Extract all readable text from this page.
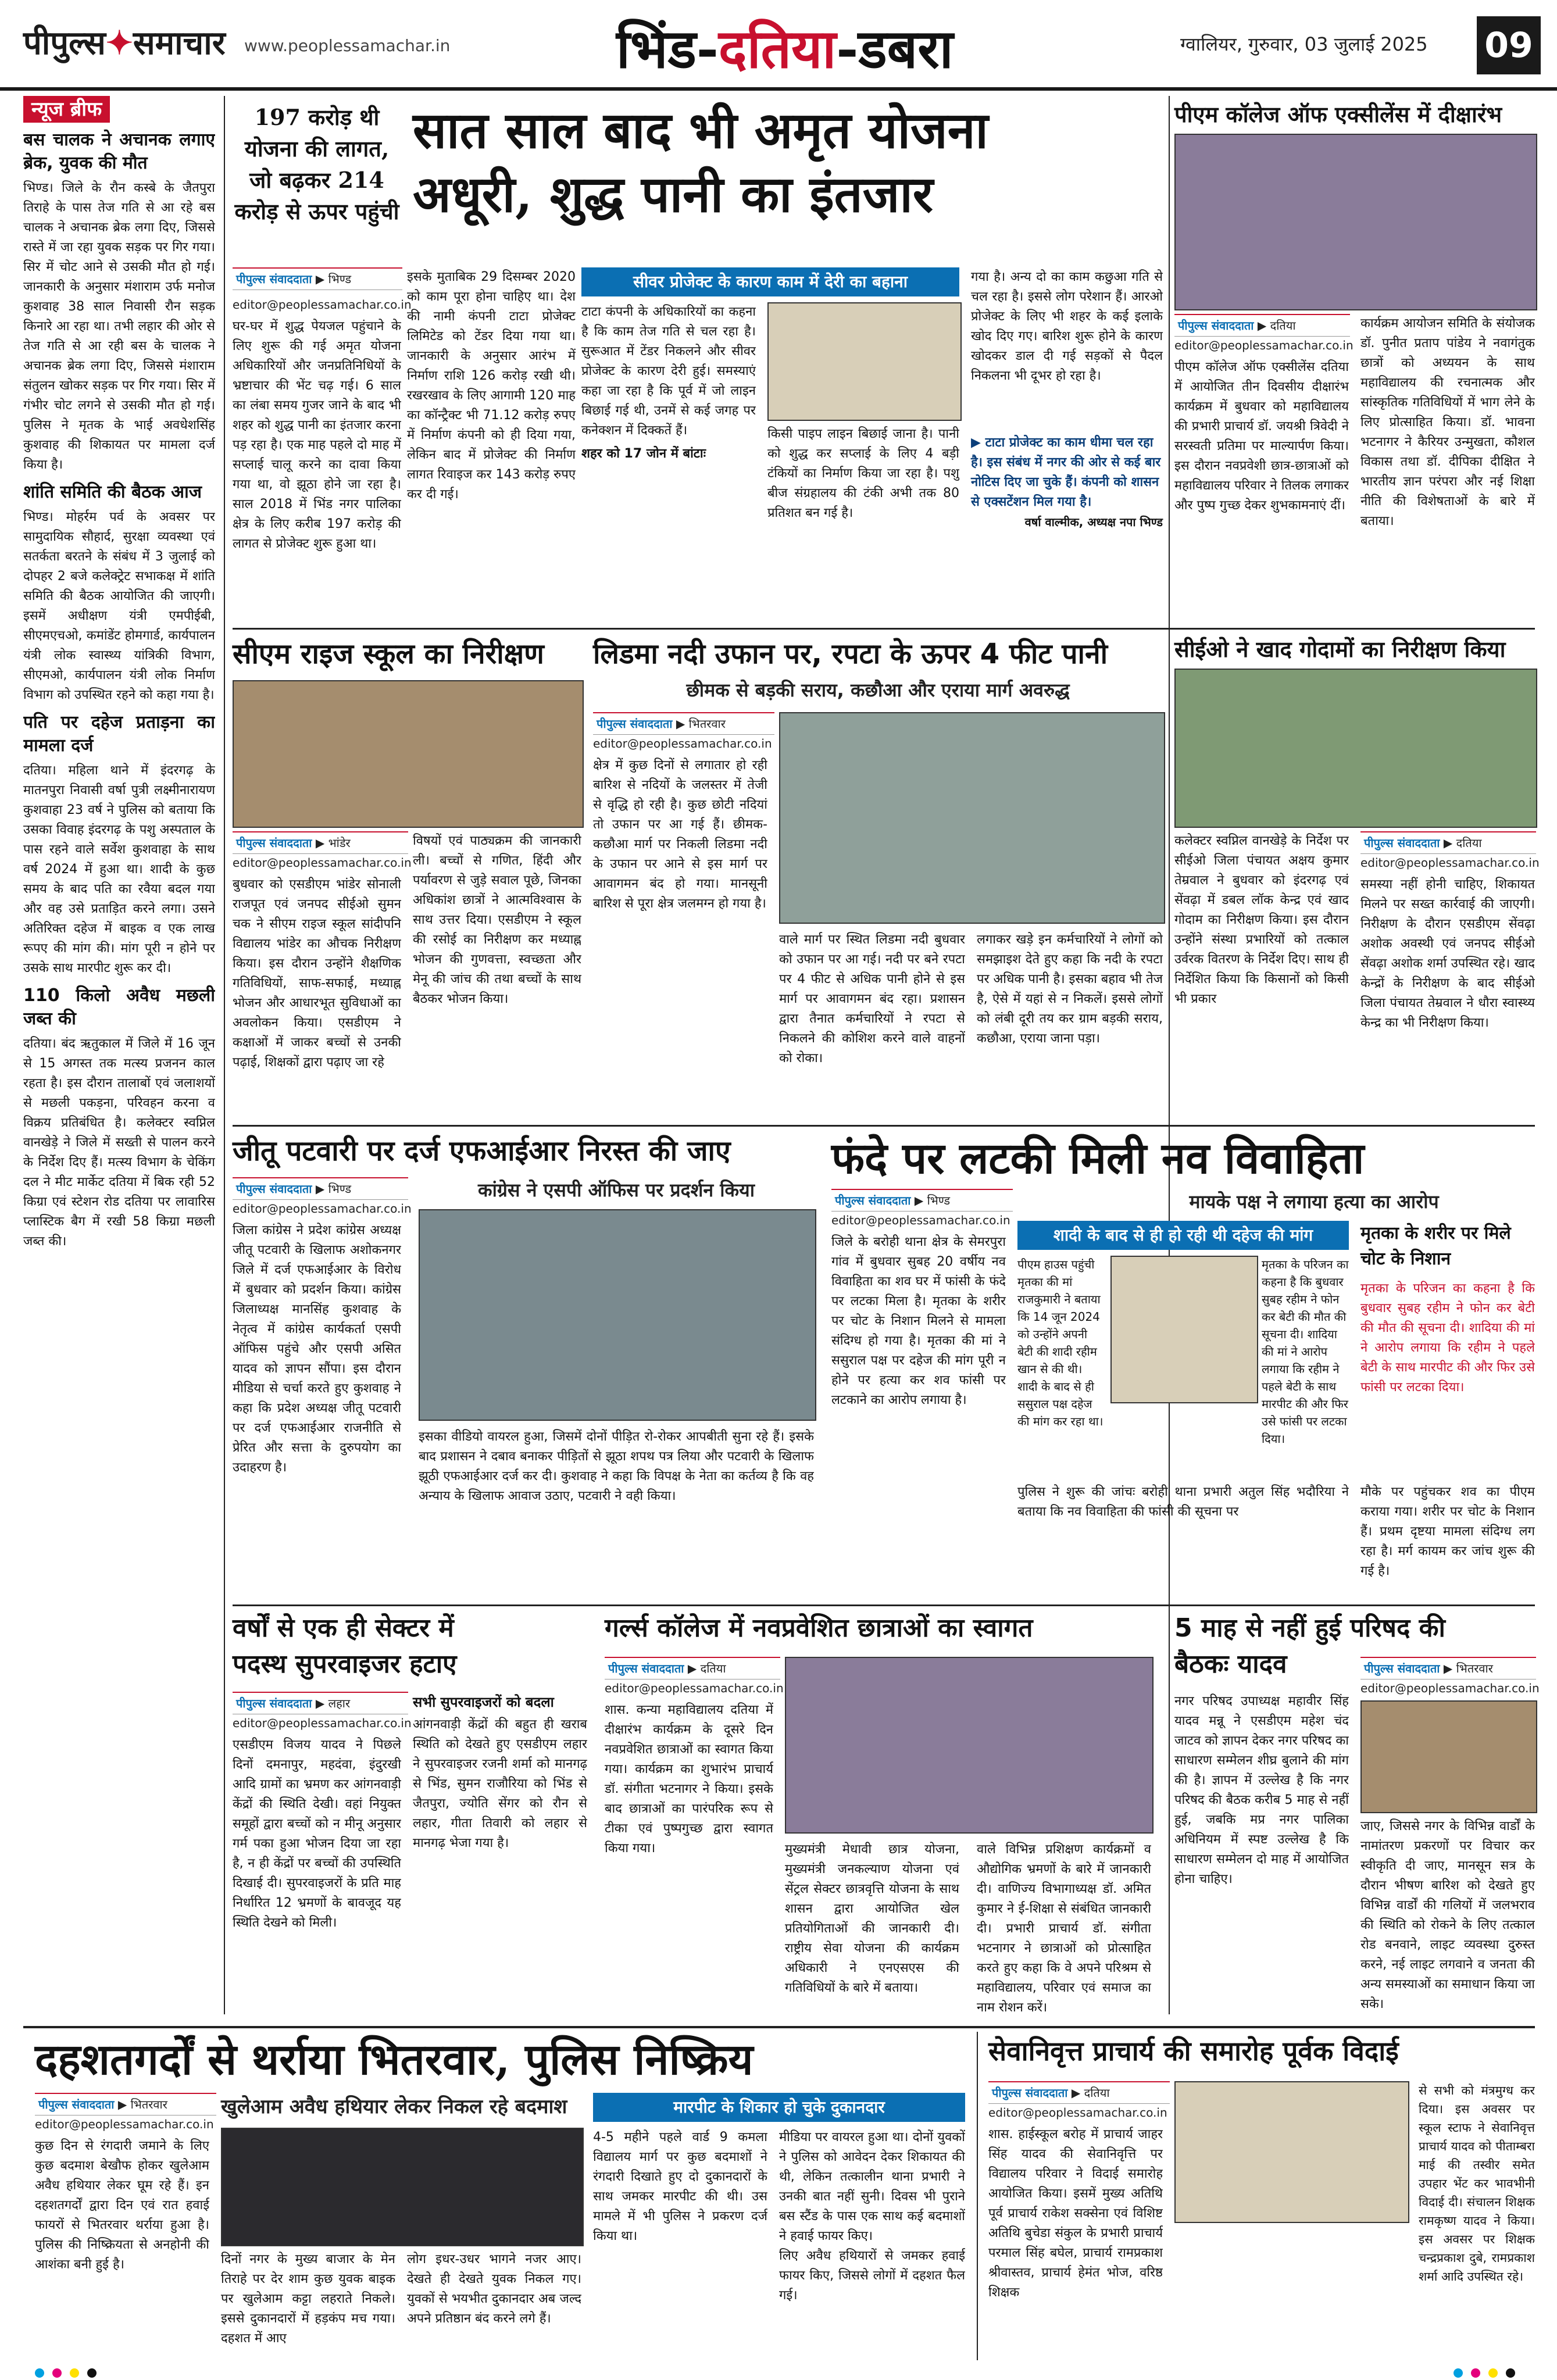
पीपुल्स✦समाचार www.peoplessamachar.in	भिंड-दतिया-डबरा	ग्वालियर, गुरुवार, 03 जुलाई 2025 09
न्यूज ब्रीफ
बस चालक ने अचानक लगाए ब्रेक, युवक की मौत
भिण्ड। जिले के रौन कस्बे के जैतपुरा तिराहे के पास तेज गति से आ रहे बस चालक ने अचानक ब्रेक लगा दिए, जिससे रास्ते में जा रहा युवक सड़क पर गिर गया। सिर में चोट आने से उसकी मौत हो गई। जानकारी के अनुसार मंशाराम उर्फ मनोज कुशवाह 38 साल निवासी रौन सड़क किनारे आ रहा था। तभी लहार की ओर से तेज गति से आ रही बस के चालक ने अचानक ब्रेक लगा दिए, जिससे मंशाराम संतुलन खोकर सड़क पर गिर गया। सिर में गंभीर चोट लगने से उसकी मौत हो गई। पुलिस ने मृतक के भाई अवधेशसिंह कुशवाह की शिकायत पर मामला दर्ज किया है।
शांति समिति की बैठक आज
भिण्ड। मोहर्रम पर्व के अवसर पर सामुदायिक सौहार्द, सुरक्षा व्यवस्था एवं सतर्कता बरतने के संबंध में 3 जुलाई को दोपहर 2 बजे कलेक्ट्रेट सभाकक्ष में शांति समिति की बैठक आयोजित की जाएगी। इसमें अधीक्षण यंत्री एमपीईबी, सीएमएचओ, कमांडेंट होमगार्ड, कार्यपालन यंत्री लोक स्वास्थ्य यांत्रिकी विभाग, सीएमओ, कार्यपालन यंत्री लोक निर्माण विभाग को उपस्थित रहने को कहा गया है।
पति पर दहेज प्रताड़ना का मामला दर्ज
दतिया। महिला थाने में इंदरगढ़ के मातनपुरा निवासी वर्षा पुत्री लक्ष्मीनारायण कुशवाहा 23 वर्ष ने पुलिस को बताया कि उसका विवाह इंदरगढ़ के पशु अस्पताल के पास रहने वाले सर्वेश कुशवाहा के साथ वर्ष 2024 में हुआ था। शादी के कुछ समय के बाद पति का रवैया बदल गया और वह उसे प्रताड़ित करने लगा। उसने अतिरिक्त दहेज में बाइक व एक लाख रूपए की मांग की। मांग पूरी न होने पर उसके साथ मारपीट शुरू कर दी।
110 किलो अवैध मछली जब्त की
दतिया। बंद ऋतुकाल में जिले में 16 जून से 15 अगस्त तक मत्स्य प्रजनन काल रहता है। इस दौरान तालाबों एवं जलाशयों से मछली पकड़ना, परिवहन करना व विक्रय प्रतिबंधित है। कलेक्टर स्वप्निल वानखेड़े ने जिले में सख्ती से पालन करने के निर्देश दिए हैं। मत्स्य विभाग के चेकिंग दल ने मीट मार्केट दतिया में बिक रही 52 किग्रा एवं स्टेशन रोड दतिया पर लावारिस प्लास्टिक बैग में रखी 58 किग्रा मछली जब्त की।
197 करोड़ थी योजना की लागत, जो बढ़कर 214 करोड़ से ऊपर पहुंची
सात साल बाद भी अमृत योजना
अधूरी, शुद्ध पानी का इंतजार
पीपुल्स संवाददाता ▶ भिण्ड
editor@peoplessamachar.co.in
घर-घर में शुद्ध पेयजल पहुंचाने के लिए शुरू की गई अमृत योजना अधिकारियों और जनप्रतिनिधियों के भ्रष्टाचार की भेंट चढ़ गई। 6 साल का लंबा समय गुजर जाने के बाद भी शहर को शुद्ध पानी का इंतजार करना पड़ रहा है। एक माह पहले दो माह में सप्लाई चालू करने का दावा किया गया था, वो झूठा होने जा रहा है। साल 2018 में भिंड नगर पालिका क्षेत्र के लिए करीब 197 करोड़ की लागत से प्रोजेक्ट शुरू हुआ था।
इसके मुताबिक 29 दिसम्बर 2020 को काम पूरा होना चाहिए था। देश की नामी कंपनी टाटा प्रोजेक्ट लिमिटेड को टेंडर दिया गया था। जानकारी के अनुसार आरंभ में निर्माण राशि 126 करोड़ रखी थी। रखरखाव के लिए आगामी 120 माह का कॉन्ट्रैक्ट भी 71.12 करोड़ रुपए में निर्माण कंपनी को ही दिया गया, लेकिन बाद में प्रोजेक्ट की निर्माण लागत रिवाइज कर 143 करोड़ रुपए कर दी गई।
सीवर प्रोजेक्ट के कारण काम में देरी का बहाना
टाटा कंपनी के अधिकारियों का कहना है कि काम तेज गति से चल रहा है। सुरूआत में टेंडर निकलने और सीवर प्रोजेक्ट के कारण देरी हुई। समस्याएं कहा जा रहा है कि पूर्व में जो लाइन बिछाई गई थी, उनमें से कई जगह पर कनेक्शन में दिक्कतें हैं।
शहर को 17 जोन में बांटाः
किसी पाइप लाइन बिछाई जाना है। पानी को शुद्ध कर सप्लाई के लिए 4 बड़ी टंकियों का निर्माण किया जा रहा है। पशु बीज संग्रहालय की टंकी अभी तक 80 प्रतिशत बन गई है।
गया है। अन्य दो का काम कछुआ गति से चल रहा है। इससे लोग परेशान हैं। आरओ प्रोजेक्ट के लिए भी शहर के कई इलाके खोद दिए गए। बारिश शुरू होने के कारण खोदकर डाल दी गई सड़कों से पैदल निकलना भी दूभर हो रहा है।
▶ टाटा प्रोजेक्ट का काम धीमा चल रहा है। इस संबंध में नगर की ओर से कई बार नोटिस दिए जा चुके हैं। कंपनी को शासन से एक्सटेंशन मिल गया है।
वर्षा वाल्मीक, अध्यक्ष नपा भिण्ड
पीएम कॉलेज ऑफ एक्सीलेंस में दीक्षारंभ
पीपुल्स संवाददाता ▶ दतिया
editor@peoplessamachar.co.in
पीएम कॉलेज ऑफ एक्सीलेंस दतिया में आयोजित तीन दिवसीय दीक्षारंभ कार्यक्रम में बुधवार को महाविद्यालय की प्रभारी प्राचार्य डॉ. जयश्री त्रिवेदी ने सरस्वती प्रतिमा पर माल्यार्पण किया। इस दौरान नवप्रवेशी छात्र-छात्राओं को महाविद्यालय परिवार ने तिलक लगाकर और पुष्प गुच्छ देकर शुभकामनाएं दीं।
कार्यक्रम आयोजन समिति के संयोजक डॉ. पुनीत प्रताप पांडेय ने नवागंतुक छात्रों को अध्ययन के साथ महाविद्यालय की रचनात्मक और सांस्कृतिक गतिविधियों में भाग लेने के लिए प्रोत्साहित किया। डॉ. भावना भटनागर ने कैरियर उन्मुखता, कौशल विकास तथा डॉ. दीपिका दीक्षित ने भारतीय ज्ञान परंपरा और नई शिक्षा नीति की विशेषताओं के बारे में बताया।
सीएम राइज स्कूल का निरीक्षण
पीपुल्स संवाददाता ▶ भांडेर
editor@peoplessamachar.co.in
बुधवार को एसडीएम भांडेर सोनाली राजपूत एवं जनपद सीईओ सुमन चक ने सीएम राइज स्कूल सांदीपनि विद्यालय भांडेर का औचक निरीक्षण किया। इस दौरान उन्होंने शैक्षणिक गतिविधियों, साफ-सफाई, मध्याह्न भोजन और आधारभूत सुविधाओं का अवलोकन किया। एसडीएम ने कक्षाओं में जाकर बच्चों से उनकी पढ़ाई, शिक्षकों द्वारा पढ़ाए जा रहे
विषयों एवं पाठ्यक्रम की जानकारी ली। बच्चों से गणित, हिंदी और पर्यावरण से जुड़े सवाल पूछे, जिनका अधिकांश छात्रों ने आत्मविश्वास के साथ उत्तर दिया। एसडीएम ने स्कूल की रसोई का निरीक्षण कर मध्याह्न भोजन की गुणवत्ता, स्वच्छता और मेनू की जांच की तथा बच्चों के साथ बैठकर भोजन किया।
लिडमा नदी उफान पर, रपटा के ऊपर 4 फीट पानी
छीमक से बड़की सराय, कछौआ और एराया मार्ग अवरुद्ध
पीपुल्स संवाददाता ▶ भितरवार
editor@peoplessamachar.co.in
क्षेत्र में कुछ दिनों से लगातार हो रही बारिश से नदियों के जलस्तर में तेजी से वृद्धि हो रही है। कुछ छोटी नदियां तो उफान पर आ गई हैं। छीमक-कछौआ मार्ग पर निकली लिडमा नदी के उफान पर आने से इस मार्ग पर आवागमन बंद हो गया। मानसूनी बारिश से पूरा क्षेत्र जलमग्न हो गया है।
वाले मार्ग पर स्थित लिडमा नदी बुधवार को उफान पर आ गई। नदी पर बने रपटा पर 4 फीट से अधिक पानी होने से इस मार्ग पर आवागमन बंद रहा। प्रशासन द्वारा तैनात कर्मचारियों ने रपटा से निकलने की कोशिश करने वाले वाहनों को रोका।
लगाकर खड़े इन कर्मचारियों ने लोगों को समझाइश देते हुए कहा कि नदी के रपटा पर अधिक पानी है। इसका बहाव भी तेज है, ऐसे में यहां से न निकलें। इससे लोगों को लंबी दूरी तय कर ग्राम बड़की सराय, कछौआ, एराया जाना पड़ा।
सीईओ ने खाद गोदामों का निरीक्षण किया
पीपुल्स संवाददाता ▶ दतिया
कलेक्टर स्वप्निल वानखेड़े के निर्देश पर सीईओ जिला पंचायत अक्षय कुमार तेम्रवाल ने बुधवार को इंदरगढ़ एवं सेंवढ़ा में डबल लॉक केन्द्र एवं खाद गोदाम का निरीक्षण किया। इस दौरान उन्होंने संस्था प्रभारियों को तत्काल उर्वरक वितरण के निर्देश दिए। साथ ही निर्देशित किया कि किसानों को किसी भी प्रकार
editor@peoplessamachar.co.in
समस्या नहीं होनी चाहिए, शिकायत मिलने पर सख्त कार्रवाई की जाएगी। निरीक्षण के दौरान एसडीएम सेंवढ़ा अशोक अवस्थी एवं जनपद सीईओ सेंवढ़ा अशोक शर्मा उपस्थित रहे। खाद केन्द्रों के निरीक्षण के बाद सीईओ जिला पंचायत तेम्रवाल ने धौरा स्वास्थ्य केन्द्र का भी निरीक्षण किया।
जीतू पटवारी पर दर्ज एफआईआर निरस्त की जाए
कांग्रेस ने एसपी ऑफिस पर प्रदर्शन किया
पीपुल्स संवाददाता ▶ भिण्ड
editor@peoplessamachar.co.in
जिला कांग्रेस ने प्रदेश कांग्रेस अध्यक्ष जीतू पटवारी के खिलाफ अशोकनगर जिले में दर्ज एफआईआर के विरोध में बुधवार को प्रदर्शन किया। कांग्रेस जिलाध्यक्ष मानसिंह कुशवाह के नेतृत्व में कांग्रेस कार्यकर्ता एसपी ऑफिस पहुंचे और एसपी असित यादव को ज्ञापन सौंपा। इस दौरान मीडिया से चर्चा करते हुए कुशवाह ने कहा कि प्रदेश अध्यक्ष जीतू पटवारी पर दर्ज एफआईआर राजनीति से प्रेरित और सत्ता के दुरुपयोग का उदाहरण है।
इसका वीडियो वायरल हुआ, जिसमें दोनों पीड़ित रो-रोकर आपबीती सुना रहे हैं। इसके बाद प्रशासन ने दबाव बनाकर पीड़ितों से झूठा शपथ पत्र लिया और पटवारी के खिलाफ झूठी एफआईआर दर्ज कर दी। कुशवाह ने कहा कि विपक्ष के नेता का कर्तव्य है कि वह अन्याय के खिलाफ आवाज उठाए, पटवारी ने वही किया।
फंदे पर लटकी मिली नव विवाहिता
मायके पक्ष ने लगाया हत्या का आरोप
पीपुल्स संवाददाता ▶ भिण्ड
editor@peoplessamachar.co.in
जिले के बरोही थाना क्षेत्र के सेमरपुरा गांव में बुधवार सुबह 20 वर्षीय नव विवाहिता का शव घर में फांसी के फंदे पर लटका मिला है। मृतका के शरीर पर चोट के निशान मिलने से मामला संदिग्ध हो गया है। मृतका की मां ने ससुराल पक्ष पर दहेज की मांग पूरी न होने पर हत्या कर शव फांसी पर लटकाने का आरोप लगाया है।
शादी के बाद से ही हो रही थी दहेज की मांग
पीएम हाउस पहुंची मृतका की मां राजकुमारी ने बताया कि 14 जून 2024 को उन्होंने अपनी बेटी की शादी रहीम खान से की थी। शादी के बाद से ही ससुराल पक्ष दहेज की मांग कर रहा था।
मृतका के परिजन का कहना है कि बुधवार सुबह रहीम ने फोन कर बेटी की मौत की सूचना दी। शादिया की मां ने आरोप लगाया कि रहीम ने पहले बेटी के साथ मारपीट की और फिर उसे फांसी पर लटका दिया।
पुलिस ने शुरू की जांचः बरोही थाना प्रभारी अतुल सिंह भदौरिया ने बताया कि नव विवाहिता की फांसी की सूचना पर
मृतका के शरीर पर मिले चोट के निशान
मृतका के परिजन का कहना है कि बुधवार सुबह रहीम ने फोन कर बेटी की मौत की सूचना दी। शादिया की मां ने आरोप लगाया कि रहीम ने पहले बेटी के साथ मारपीट की और फिर उसे फांसी पर लटका दिया।
मौके पर पहुंचकर शव का पीएम कराया गया। शरीर पर चोट के निशान हैं। प्रथम दृष्टया मामला संदिग्ध लग रहा है। मर्ग कायम कर जांच शुरू की गई है।
वर्षों से एक ही सेक्टर में
पदस्थ सुपरवाइजर हटाए
पीपुल्स संवाददाता ▶ लहार
editor@peoplessamachar.co.in
एसडीएम विजय यादव ने पिछले दिनों दमनापुर, महदंवा, इंदुरखी आदि ग्रामों का भ्रमण कर आंगनवाड़ी केंद्रों की स्थिति देखी। वहां नियुक्त समूहों द्वारा बच्चों को न मीनू अनुसार गर्म पका हुआ भोजन दिया जा रहा है, न ही केंद्रों पर बच्चों की उपस्थिति दिखाई दी। सुपरवाइजरों के प्रति माह निर्धारित 12 भ्रमणों के बावजूद यह स्थिति देखने को मिली।
सभी सुपरवाइजरों को बदला
आंगनवाड़ी केंद्रों की बहुत ही खराब स्थिति को देखते हुए एसडीएम लहार ने सुपरवाइजर रजनी शर्मा को मानगढ़ से भिंड, सुमन राजौरिया को भिंड से जैतपुरा, ज्योति सेंगर को रौन से लहार, गीता तिवारी को लहार से मानगढ़ भेजा गया है।
गर्ल्स कॉलेज में नवप्रवेशित छात्राओं का स्वागत
पीपुल्स संवाददाता ▶ दतिया
editor@peoplessamachar.co.in
शास. कन्या महाविद्यालय दतिया में दीक्षारंभ कार्यक्रम के दूसरे दिन नवप्रवेशित छात्राओं का स्वागत किया गया। कार्यक्रम का शुभारंभ प्राचार्य डॉ. संगीता भटनागर ने किया। इसके बाद छात्राओं का पारंपरिक रूप से टीका एवं पुष्पगुच्छ द्वारा स्वागत किया गया।	मुख्यमंत्री मेधावी छात्र योजना, मुख्यमंत्री जनकल्याण योजना एवं सेंट्रल सेक्टर छात्रवृत्ति योजना के साथ शासन द्वारा आयोजित खेल प्रतियोगिताओं की जानकारी दी। राष्ट्रीय सेवा योजना की कार्यक्रम अधिकारी ने एनएसएस की गतिविधियों के बारे में बताया।
वाले विभिन्न प्रशिक्षण कार्यक्रमों व औद्योगिक भ्रमणों के बारे में जानकारी दी। वाणिज्य विभागाध्यक्ष डॉ. अमित कुमार ने ई-शिक्षा से संबंधित जानकारी दी। प्रभारी प्राचार्य डॉ. संगीता भटनागर ने छात्राओं को प्रोत्साहित करते हुए कहा कि वे अपने परिश्रम से महाविद्यालय, परिवार एवं समाज का नाम रोशन करें।
5 माह से नहीं हुई परिषद की
बैठकः यादव	पीपुल्स संवाददाता ▶ भितरवार
editor@peoplessamachar.co.in
नगर परिषद उपाध्यक्ष महावीर सिंह यादव मन्नू ने एसडीएम महेश चंद जाटव को ज्ञापन देकर नगर परिषद का साधारण सम्मेलन शीघ्र बुलाने की मांग की है। ज्ञापन में उल्लेख है कि नगर परिषद की बैठक करीब 5 माह से नहीं हुई, जबकि मप्र नगर पालिका अधिनियम में स्पष्ट उल्लेख है कि साधारण सम्मेलन दो माह में आयोजित होना चाहिए।
जाए, जिससे नगर के विभिन्न वार्डों के नामांतरण प्रकरणों पर विचार कर स्वीकृति दी जाए, मानसून सत्र के दौरान भीषण बारिश को देखते हुए विभिन्न वार्डों की गलियों में जलभराव की स्थिति को रोकने के लिए तत्काल रोड बनवाने, लाइट व्यवस्था दुरुस्त करने, नई लाइट लगवाने व जनता की अन्य समस्याओं का समाधान किया जा सके।
दहशतगर्दों से थर्राया भितरवार, पुलिस निष्क्रिय
पीपुल्स संवाददाता ▶ भितरवार
editor@peoplessamachar.co.in
कुछ दिन से रंगदारी जमाने के लिए कुछ बदमाश बेखौफ होकर खुलेआम अवैध हथियार लेकर घूम रहे हैं। इन दहशतगर्दों द्वारा दिन एवं रात हवाई फायरों से भितरवार थर्राया हुआ है। पुलिस की निष्क्रियता से अनहोनी की आशंका बनी हुई है।
खुलेआम अवैध हथियार लेकर निकल रहे बदमाश
दिनों नगर के मुख्य बाजार के मेन तिराहे पर देर शाम कुछ युवक बाइक पर खुलेआम कट्टा लहराते निकले। इससे दुकानदारों में हड़कंप मच गया। दहशत में आए
लोग इधर-उधर भागने नजर आए। देखते ही देखते युवक निकल गए। युवकों से भयभीत दुकानदार अब जल्द अपने प्रतिष्ठान बंद करने लगे हैं।
मारपीट के शिकार हो चुके दुकानदार
4-5 महीने पहले वार्ड 9 कमला विद्यालय मार्ग पर कुछ बदमाशों ने रंगदारी दिखाते हुए दो दुकानदारों के साथ जमकर मारपीट की थी। उस मामले में भी पुलिस ने प्रकरण दर्ज किया था।
मीडिया पर वायरल हुआ था। दोनों युवकों ने पुलिस को आवेदन देकर शिकायत की थी, लेकिन तत्कालीन थाना प्रभारी ने उनकी बात नहीं सुनी। दिवस भी पुराने बस स्टैंड के पास एक साथ कई बदमाशों ने हवाई फायर किए।
लिए अवैध हथियारों से जमकर हवाई फायर किए, जिससे लोगों में दहशत फैल गई।
सेवानिवृत्त प्राचार्य की समारोह पूर्वक विदाई
पीपुल्स संवाददाता ▶ दतिया
editor@peoplessamachar.co.in
शास. हाईस्कूल बरोह में प्राचार्य जाहर सिंह यादव की सेवानिवृत्ति पर विद्यालय परिवार ने विदाई समारोह आयोजित किया। इसमें मुख्य अतिथि पूर्व प्राचार्य राकेश सक्सेना एवं विशिष्ट अतिथि बुचेडा संकुल के प्रभारी प्राचार्य परमाल सिंह बघेल, प्राचार्य रामप्रकाश श्रीवास्तव, प्राचार्य हेमंत भोज, वरिष्ठ शिक्षक
से सभी को मंत्रमुग्ध कर दिया। इस अवसर पर स्कूल स्टाफ ने सेवानिवृत्त प्राचार्य यादव को पीताम्बरा माई की तस्वीर समेत उपहार भेंट कर भावभीनी विदाई दी। संचालन शिक्षक रामकृष्ण यादव ने किया। इस अवसर पर शिक्षक चन्द्रप्रकाश दुबे, रामप्रकाश शर्मा आदि उपस्थित रहे।
